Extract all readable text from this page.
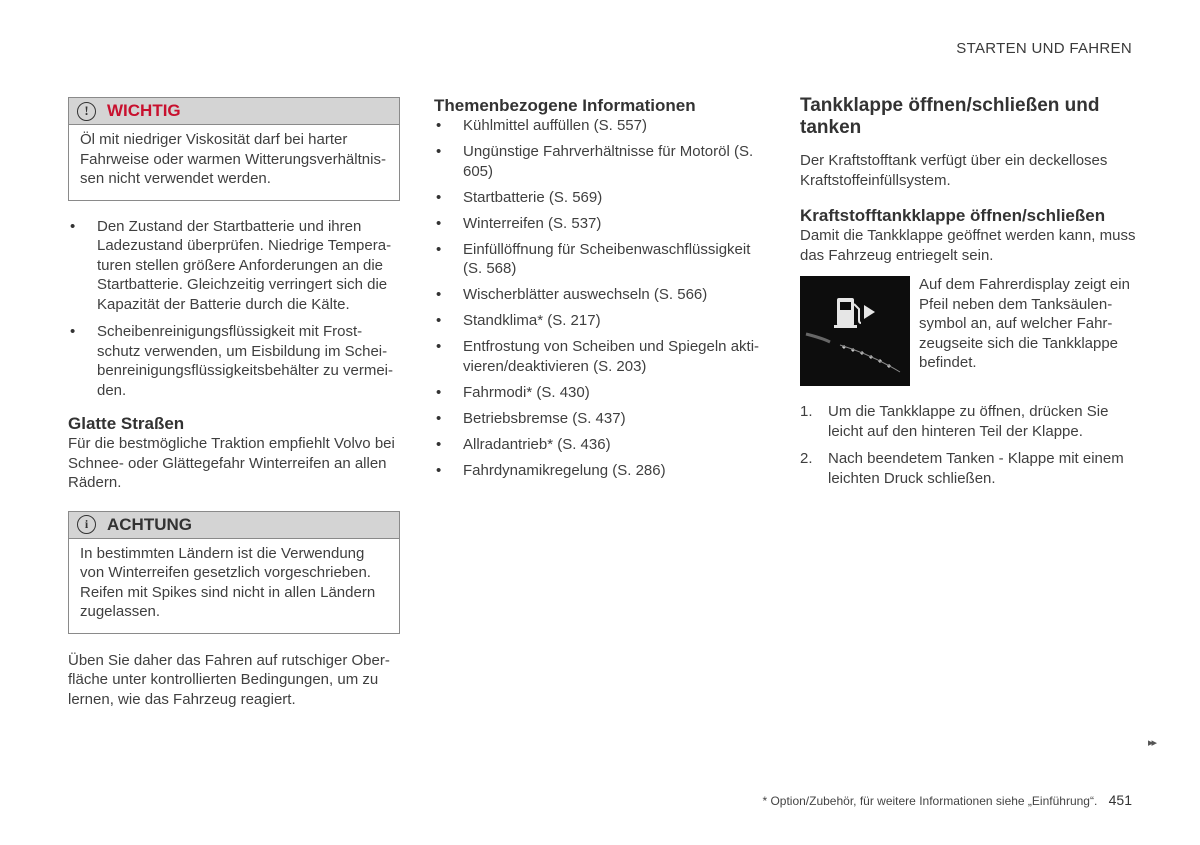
STARTEN UND FAHREN
!	WICHTIG
Öl mit niedriger Viskosität darf bei harter Fahrweise oder warmen Witterungsverhältnis-sen nicht verwendet werden.
• Den Zustand der Startbatterie und ihren Ladezustand überprüfen. Niedrige Tempera-turen stellen größere Anforderungen an die Startbatterie. Gleichzeitig verringert sich die Kapazität der Batterie durch die Kälte.
• Scheibenreinigungsflüssigkeit mit Frost-schutz verwenden, um Eisbildung im Schei-benreinigungsflüssigkeitsbehälter zu vermei-den.
Glatte Straßen
Für die bestmögliche Traktion empfiehlt Volvo bei Schnee- oder Glättegefahr Winterreifen an allen Rädern.
i	ACHTUNG
In bestimmten Ländern ist die Verwendung von Winterreifen gesetzlich vorgeschrieben. Reifen mit Spikes sind nicht in allen Ländern zugelassen.
Üben Sie daher das Fahren auf rutschiger Ober-fläche unter kontrollierten Bedingungen, um zu lernen, wie das Fahrzeug reagiert.
Themenbezogene Informationen
• Kühlmittel auffüllen (S. 557)
• Ungünstige Fahrverhältnisse für Motoröl (S. 605)
• Startbatterie (S. 569)
• Winterreifen (S. 537)
• Einfüllöffnung für Scheibenwaschflüssigkeit (S. 568)
• Wischerblätter auswechseln (S. 566)
• Standklima* (S. 217)
• Entfrostung von Scheiben und Spiegeln akti-vieren/deaktivieren (S. 203)
• Fahrmodi* (S. 430)
• Betriebsbremse (S. 437)
• Allradantrieb* (S. 436)
• Fahrdynamikregelung (S. 286)
Tankklappe öffnen/schließen und tanken
Der Kraftstofftank verfügt über ein deckelloses Kraftstoffeinfüllsystem.
Kraftstofftankklappe öffnen/schließen
Damit die Tankklappe geöffnet werden kann, muss das Fahrzeug entriegelt sein.
Auf dem Fahrerdisplay zeigt ein Pfeil neben dem Tanksäulen-symbol an, auf welcher Fahr-zeugseite sich die Tankklappe befindet.
1. Um die Tankklappe zu öffnen, drücken Sie leicht auf den hinteren Teil der Klappe.
2. Nach beendetem Tanken - Klappe mit einem leichten Druck schließen.
▸▸
* Option/Zubehör, für weitere Informationen siehe „Einführung“. 451
